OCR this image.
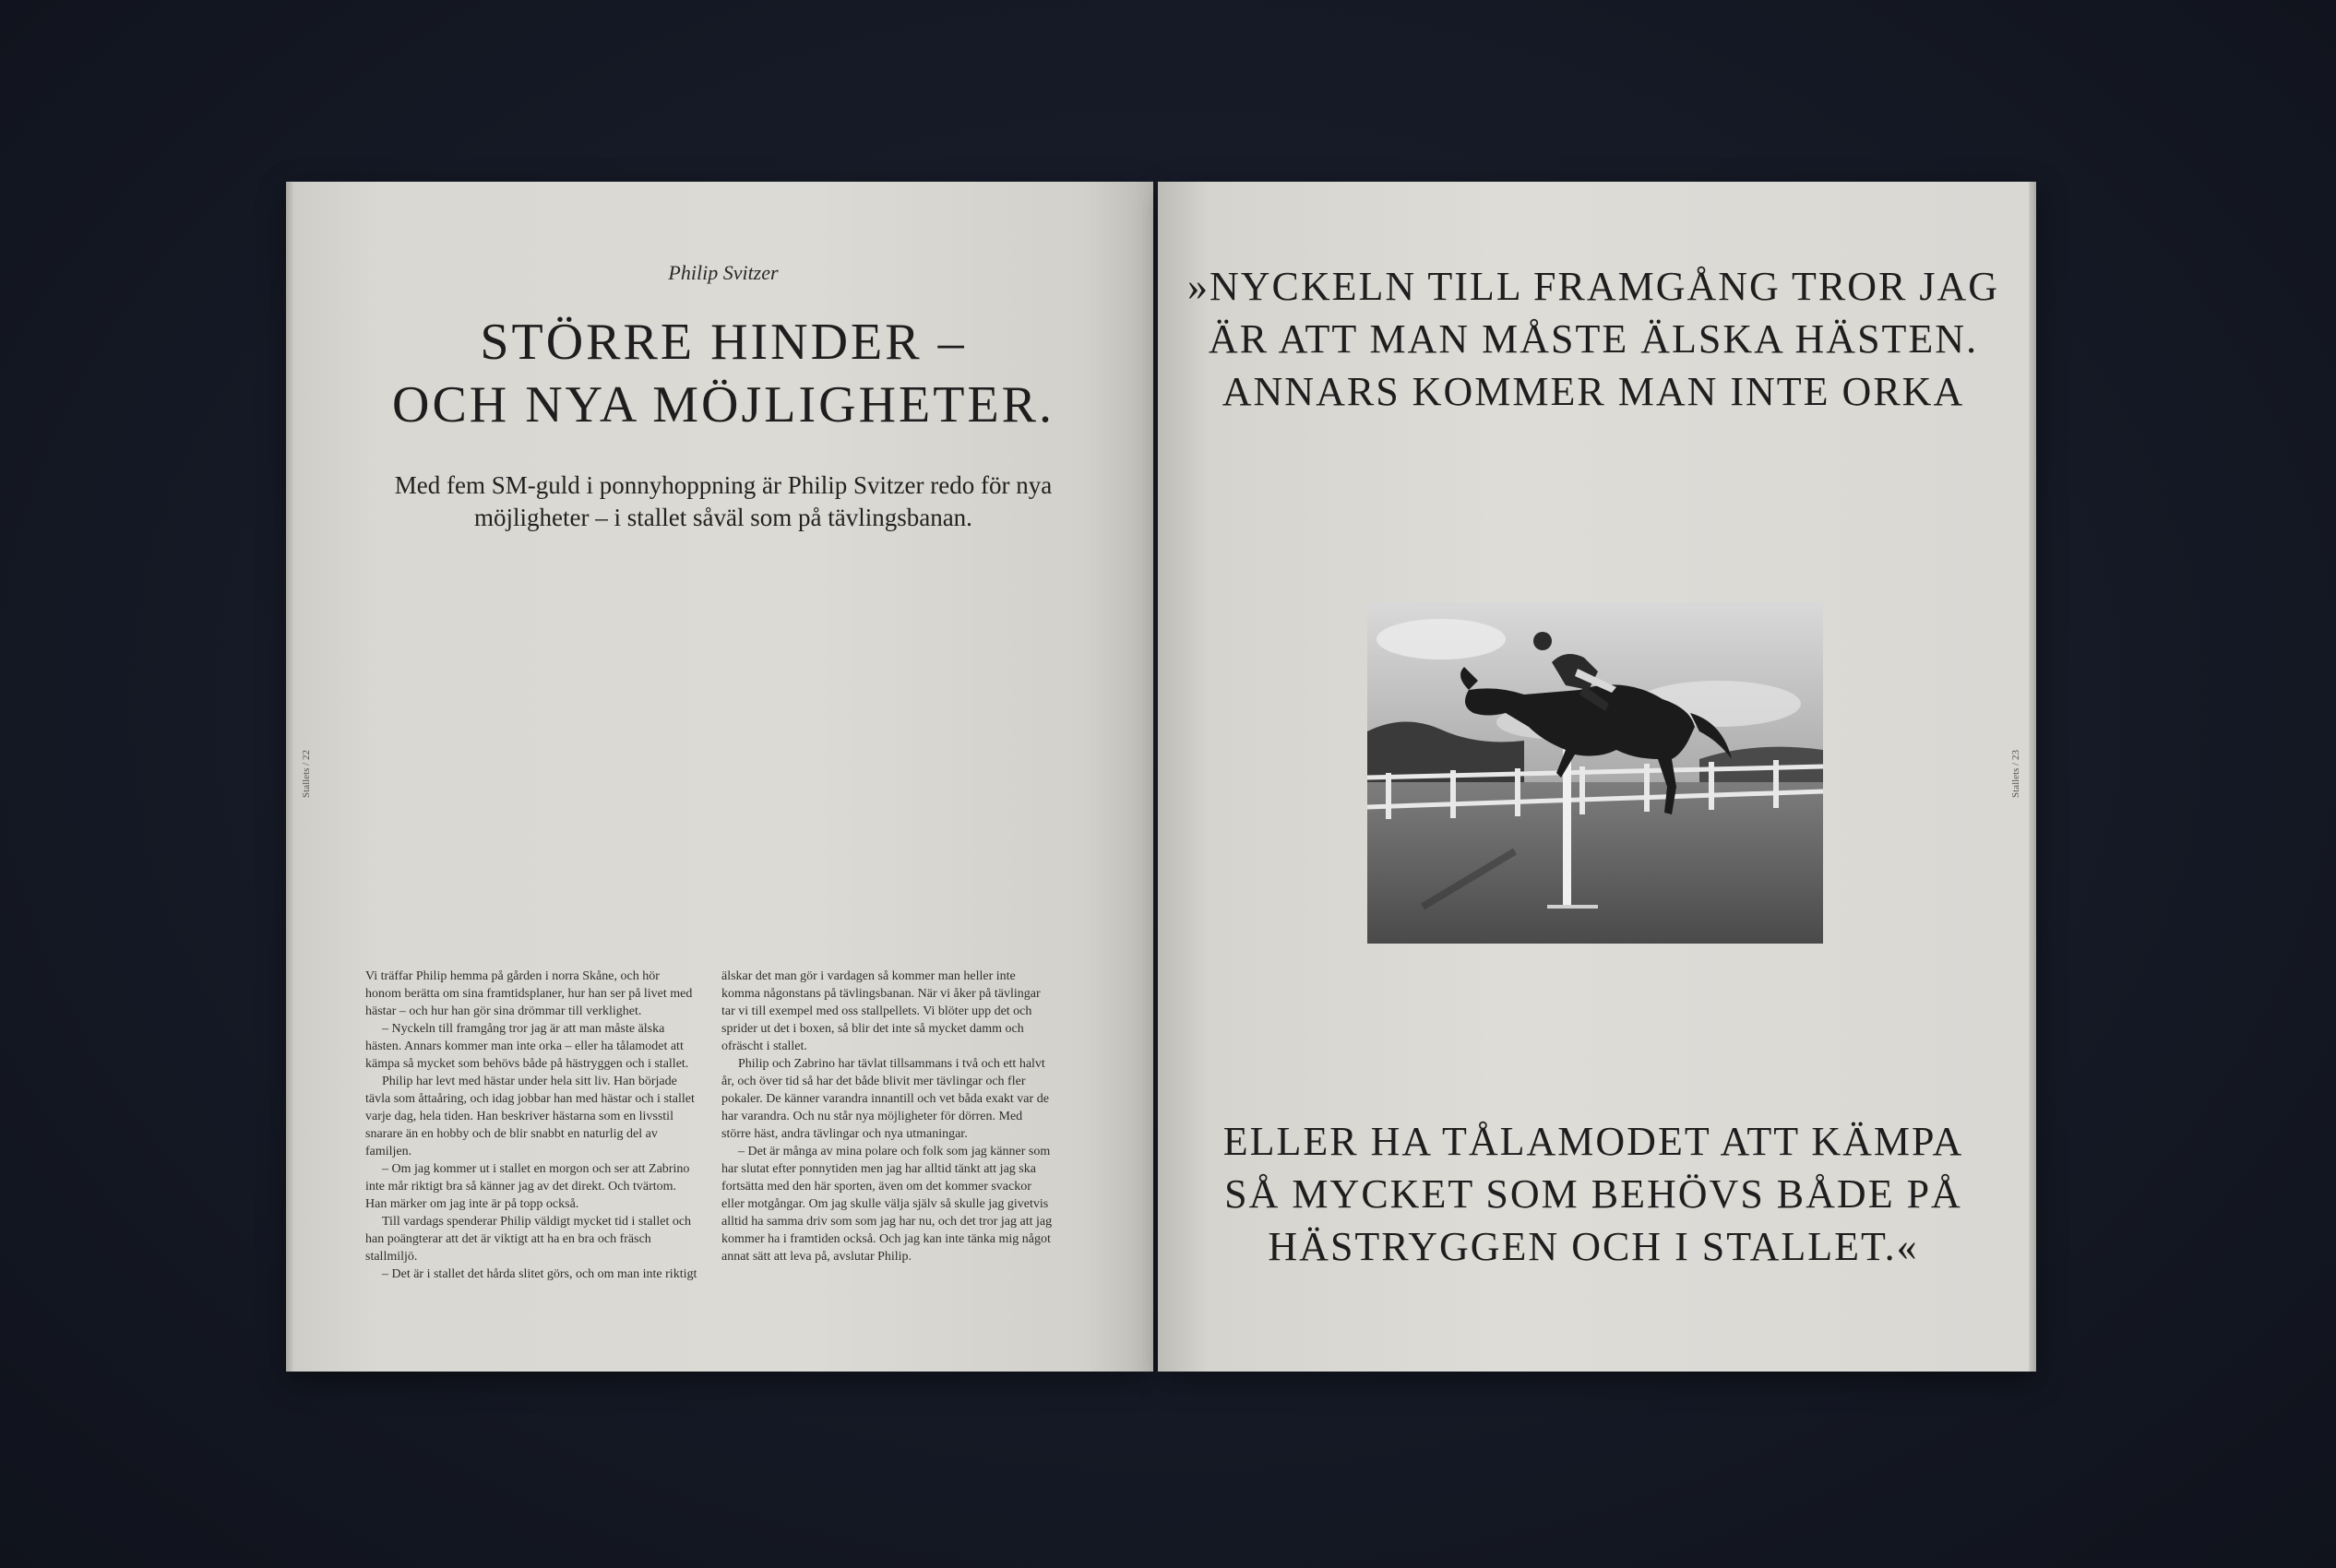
Philip Svitzer
STÖRRE HINDER –
OCH NYA MÖJLIGHETER.
Med fem SM-guld i ponnyhoppning är Philip Svitzer redo för nya möjligheter – i stallet såväl som på tävlingsbanan.
Stallets / 22

Vi träffar Philip hemma på gården i norra Skåne, och hör honom berätta om sina framtidsplaner, hur han ser på livet med hästar – och hur han gör sina drömmar till verklighet.

– Nyckeln till framgång tror jag är att man måste älska hästen. Annars kommer man inte orka – eller ha tålamodet att kämpa så mycket som behövs både på hästryggen och i stallet.

Philip har levt med hästar under hela sitt liv. Han började tävla som åttaåring, och idag jobbar han med hästar och i stallet varje dag, hela tiden. Han beskriver hästarna som en livsstil snarare än en hobby och de blir snabbt en naturlig del av familjen.

– Om jag kommer ut i stallet en morgon och ser att Zabrino inte mår riktigt bra så känner jag av det direkt. Och tvärtom. Han märker om jag inte är på topp också.

Till vardags spenderar Philip väldigt mycket tid i stallet och han poängterar att det är viktigt att ha en bra och fräsch stallmiljö.

– Det är i stallet det hårda slitet görs, och om man inte riktigt

älskar det man gör i vardagen så kommer man heller inte komma någonstans på tävlingsbanan. När vi åker på tävlingar tar vi till exempel med oss stallpellets. Vi blöter upp det och sprider ut det i boxen, så blir det inte så mycket damm och ofräscht i stallet.

Philip och Zabrino har tävlat tillsammans i två och ett halvt år, och över tid så har det både blivit mer tävlingar och fler pokaler. De känner varandra innantill och vet båda exakt var de har varandra. Och nu står nya möjligheter för dörren. Med större häst, andra tävlingar och nya utmaningar.

– Det är många av mina polare och folk som jag känner som har slutat efter ponnytiden men jag har alltid tänkt att jag ska fortsätta med den här sporten, även om det kommer svackor eller motgångar. Om jag skulle välja själv så skulle jag givetvis alltid ha samma driv som som jag har nu, och det tror jag att jag kommer ha i framtiden också. Och jag kan inte tänka mig något annat sätt att leva på, avslutar Philip.

»NYCKELN TILL FRAMGÅNG TROR JAG
ÄR ATT MAN MÅSTE ÄLSKA HÄSTEN.
ANNARS KOMMER MAN INTE ORKA
ELLER HA TÅLAMODET ATT KÄMPA
SÅ MYCKET SOM BEHÖVS BÅDE PÅ
HÄSTRYGGEN OCH I STALLET.«
Stallets / 23
